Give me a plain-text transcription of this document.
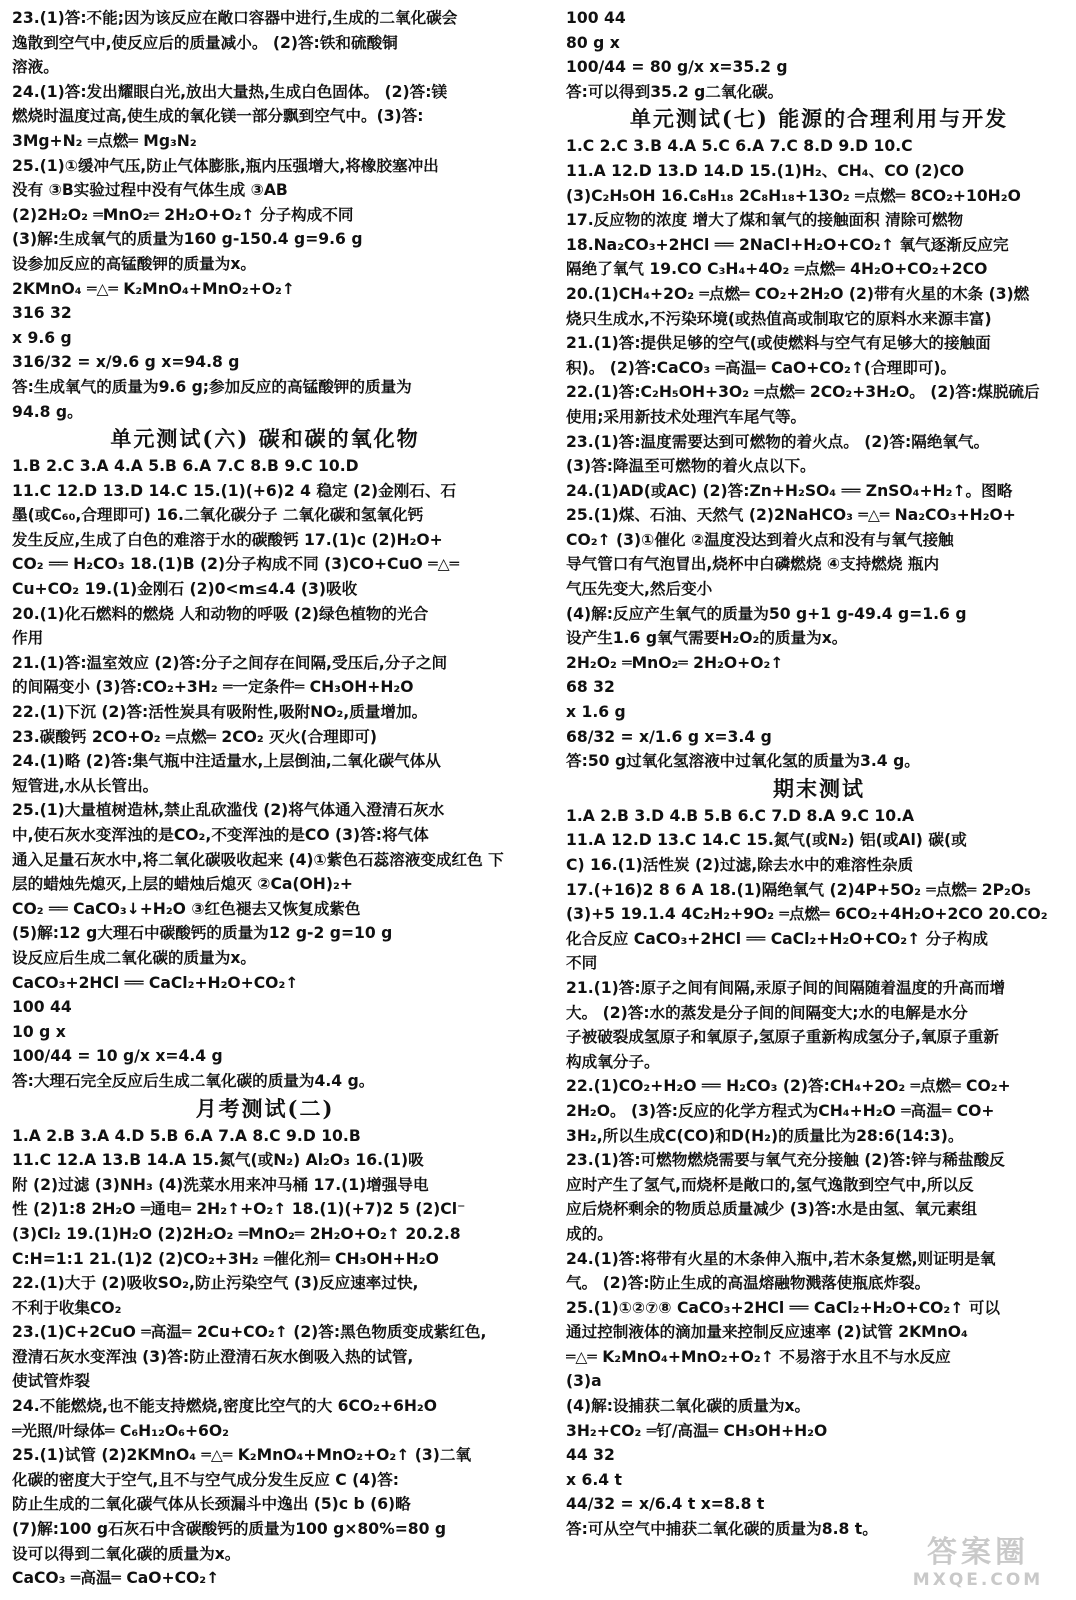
23.(1)答:不能;因为该反应在敞口容器中进行,生成的二氧化碳会
逸散到空气中,使反应后的质量减小。 (2)答:铁和硫酸铜
溶液。
24.(1)答:发出耀眼白光,放出大量热,生成白色固体。 (2)答:镁
燃烧时温度过高,使生成的氧化镁一部分飘到空气中。(3)答:
3Mg+N₂ ═点燃═ Mg₃N₂
25.(1)①缓冲气压,防止气体膨胀,瓶内压强增大,将橡胶塞冲出
没有 ③B实验过程中没有气体生成 ③AB
(2)2H₂O₂ ═MnO₂═ 2H₂O+O₂↑ 分子构成不同
(3)解:生成氧气的质量为160 g-150.4 g=9.6 g
设参加反应的高锰酸钾的质量为x。
2KMnO₄ ═△═ K₂MnO₄+MnO₂+O₂↑
316 32
x 9.6 g
316/32 = x/9.6 g x=94.8 g
答:生成氧气的质量为9.6 g;参加反应的高锰酸钾的质量为
94.8 g。
单元测试(六) 碳和碳的氧化物
1.B 2.C 3.A 4.A 5.B 6.A 7.C 8.B 9.C 10.D
11.C 12.D 13.D 14.C 15.(1)(+6)2 4 稳定 (2)金刚石、石
墨(或C₆₀,合理即可) 16.二氧化碳分子 二氧化碳和氢氧化钙
发生反应,生成了白色的难溶于水的碳酸钙 17.(1)c (2)H₂O+
CO₂ ══ H₂CO₃ 18.(1)B (2)分子构成不同 (3)CO+CuO ═△═
Cu+CO₂ 19.(1)金刚石 (2)0<m≤4.4 (3)吸收
20.(1)化石燃料的燃烧 人和动物的呼吸 (2)绿色植物的光合
作用
21.(1)答:温室效应 (2)答:分子之间存在间隔,受压后,分子之间
的间隔变小 (3)答:CO₂+3H₂ ═一定条件═ CH₃OH+H₂O
22.(1)下沉 (2)答:活性炭具有吸附性,吸附NO₂,质量增加。
23.碳酸钙 2CO+O₂ ═点燃═ 2CO₂ 灭火(合理即可)
24.(1)略 (2)答:集气瓶中注适量水,上层倒油,二氧化碳气体从
短管进,水从长管出。
25.(1)大量植树造林,禁止乱砍滥伐 (2)将气体通入澄清石灰水
中,使石灰水变浑浊的是CO₂,不变浑浊的是CO (3)答:将气体
通入足量石灰水中,将二氧化碳吸收起来 (4)①紫色石蕊溶液变成红色 下
层的蜡烛先熄灭,上层的蜡烛后熄灭 ②Ca(OH)₂+
CO₂ ══ CaCO₃↓+H₂O ③红色褪去又恢复成紫色
(5)解:12 g大理石中碳酸钙的质量为12 g-2 g=10 g
设反应后生成二氧化碳的质量为x。
CaCO₃+2HCl ══ CaCl₂+H₂O+CO₂↑
100 44
10 g x
100/44 = 10 g/x x=4.4 g
答:大理石完全反应后生成二氧化碳的质量为4.4 g。
月考测试(二)
1.A 2.B 3.A 4.D 5.B 6.A 7.A 8.C 9.D 10.B
11.C 12.A 13.B 14.A 15.氮气(或N₂) Al₂O₃ 16.(1)吸
附 (2)过滤 (3)NH₃ (4)洗菜水用来冲马桶 17.(1)增强导电
性 (2)1:8 2H₂O ═通电═ 2H₂↑+O₂↑ 18.(1)(+7)2 5 (2)Cl⁻
(3)Cl₂ 19.(1)H₂O (2)2H₂O₂ ═MnO₂═ 2H₂O+O₂↑ 20.2.8
C:H=1:1 21.(1)2 (2)CO₂+3H₂ ═催化剂═ CH₃OH+H₂O
22.(1)大于 (2)吸收SO₂,防止污染空气 (3)反应速率过快,
不利于收集CO₂
23.(1)C+2CuO ═高温═ 2Cu+CO₂↑ (2)答:黑色物质变成紫红色,
澄清石灰水变浑浊 (3)答:防止澄清石灰水倒吸入热的试管,
使试管炸裂
24.不能燃烧,也不能支持燃烧,密度比空气的大 6CO₂+6H₂O
═光照/叶绿体═ C₆H₁₂O₆+6O₂
25.(1)试管 (2)2KMnO₄ ═△═ K₂MnO₄+MnO₂+O₂↑ (3)二氧
化碳的密度大于空气,且不与空气成分发生反应 C (4)答:
防止生成的二氧化碳气体从长颈漏斗中逸出 (5)c b (6)略
(7)解:100 g石灰石中含碳酸钙的质量为100 g×80%=80 g
设可以得到二氧化碳的质量为x。
CaCO₃ ═高温═ CaO+CO₂↑
100 44
80 g x
100/44 = 80 g/x x=35.2 g
答:可以得到35.2 g二氧化碳。
单元测试(七) 能源的合理利用与开发
1.C 2.C 3.B 4.A 5.C 6.A 7.C 8.D 9.D 10.C
11.A 12.D 13.D 14.D 15.(1)H₂、CH₄、CO (2)CO
(3)C₂H₅OH 16.C₈H₁₈ 2C₈H₁₈+13O₂ ═点燃═ 8CO₂+10H₂O
17.反应物的浓度 增大了煤和氧气的接触面积 清除可燃物
18.Na₂CO₃+2HCl ══ 2NaCl+H₂O+CO₂↑ 氧气逐渐反应完
隔绝了氧气 19.CO C₃H₄+4O₂ ═点燃═ 4H₂O+CO₂+2CO
20.(1)CH₄+2O₂ ═点燃═ CO₂+2H₂O (2)带有火星的木条 (3)燃
烧只生成水,不污染环境(或热值高或制取它的原料水来源丰富)
21.(1)答:提供足够的空气(或使燃料与空气有足够大的接触面
积)。 (2)答:CaCO₃ ═高温═ CaO+CO₂↑(合理即可)。
22.(1)答:C₂H₅OH+3O₂ ═点燃═ 2CO₂+3H₂O。 (2)答:煤脱硫后
使用;采用新技术处理汽车尾气等。
23.(1)答:温度需要达到可燃物的着火点。 (2)答:隔绝氧气。
(3)答:降温至可燃物的着火点以下。
24.(1)AD(或AC) (2)答:Zn+H₂SO₄ ══ ZnSO₄+H₂↑。图略
25.(1)煤、石油、天然气 (2)2NaHCO₃ ═△═ Na₂CO₃+H₂O+
CO₂↑ (3)①催化 ②温度没达到着火点和没有与氧气接触
导气管口有气泡冒出,烧杯中白磷燃烧 ④支持燃烧 瓶内
气压先变大,然后变小
(4)解:反应产生氧气的质量为50 g+1 g-49.4 g=1.6 g
设产生1.6 g氧气需要H₂O₂的质量为x。
2H₂O₂ ═MnO₂═ 2H₂O+O₂↑
68 32
x 1.6 g
68/32 = x/1.6 g x=3.4 g
答:50 g过氧化氢溶液中过氧化氢的质量为3.4 g。
期末测试
1.A 2.B 3.D 4.B 5.B 6.C 7.D 8.A 9.C 10.A
11.A 12.D 13.C 14.C 15.氮气(或N₂) 铝(或Al) 碳(或
C) 16.(1)活性炭 (2)过滤,除去水中的难溶性杂质
17.(+16)2 8 6 A 18.(1)隔绝氧气 (2)4P+5O₂ ═点燃═ 2P₂O₅
(3)+5 19.1.4 4C₂H₂+9O₂ ═点燃═ 6CO₂+4H₂O+2CO 20.CO₂
化合反应 CaCO₃+2HCl ══ CaCl₂+H₂O+CO₂↑ 分子构成
不同
21.(1)答:原子之间有间隔,汞原子间的间隔随着温度的升高而增
大。 (2)答:水的蒸发是分子间的间隔变大;水的电解是水分
子被破裂成氢原子和氧原子,氢原子重新构成氢分子,氧原子重新
构成氧分子。
22.(1)CO₂+H₂O ══ H₂CO₃ (2)答:CH₄+2O₂ ═点燃═ CO₂+
2H₂O。 (3)答:反应的化学方程式为CH₄+H₂O ═高温═ CO+
3H₂,所以生成C(CO)和D(H₂)的质量比为28:6(14:3)。
23.(1)答:可燃物燃烧需要与氧气充分接触 (2)答:锌与稀盐酸反
应时产生了氢气,而烧杯是敞口的,氢气逸散到空气中,所以反
应后烧杯剩余的物质总质量减少 (3)答:水是由氢、氧元素组
成的。
24.(1)答:将带有火星的木条伸入瓶中,若木条复燃,则证明是氧
气。 (2)答:防止生成的高温熔融物溅落使瓶底炸裂。
25.(1)①②⑦⑧ CaCO₃+2HCl ══ CaCl₂+H₂O+CO₂↑ 可以
通过控制液体的滴加量来控制反应速率 (2)试管 2KMnO₄
═△═ K₂MnO₄+MnO₂+O₂↑ 不易溶于水且不与水反应
(3)a
(4)解:设捕获二氧化碳的质量为x。
3H₂+CO₂ ═钌/高温═ CH₃OH+H₂O
44 32
x 6.4 t
44/32 = x/6.4 t x=8.8 t
答:可从空气中捕获二氧化碳的质量为8.8 t。
答案圈
MXQE.COM
